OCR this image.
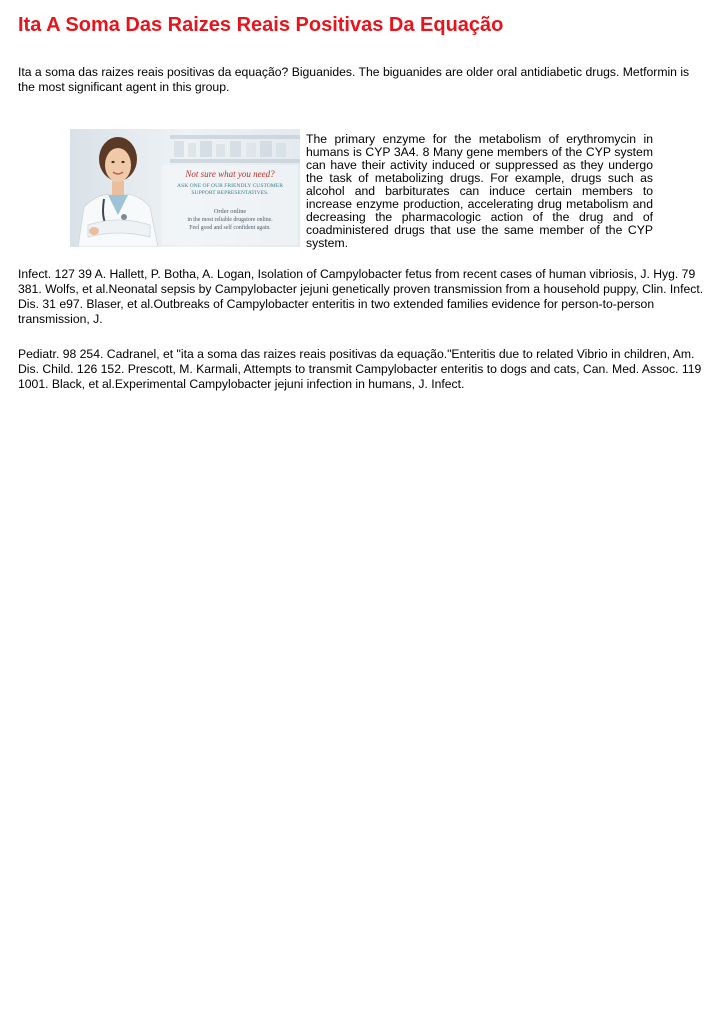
Ita A Soma Das Raizes Reais Positivas Da Equação

Ita a soma das raizes reais positivas da equação? Biguanides. The biguanides are older oral antidiabetic drugs. Metformin is the most significant agent in this group.

Not sure what you need?
ASK ONE OF OUR FRIENDLY CUSTOMER
SUPPORT REPRESENTATIVES.
Order online
in the most reliable drugstore online.
Feel good and self confident again.

The primary enzyme for the metabolism of erythromycin in humans is CYP 3A4. 8 Many gene members of the CYP system can have their activity induced or suppressed as they undergo the task of metabolizing drugs. For example, drugs such as alcohol and barbiturates can induce certain members to increase enzyme production, accelerating drug metabolism and decreasing the pharmacologic action of the drug and of coadministered drugs that use the same member of the CYP system.

Infect. 127 39 A. Hallett, P. Botha, A. Logan, Isolation of Campylobacter fetus from recent cases of human vibriosis, J. Hyg. 79 381. Wolfs, et al.Neonatal sepsis by Campylobacter jejuni genetically proven transmission from a household puppy, Clin. Infect. Dis. 31 e97. Blaser, et al.Outbreaks of Campylobacter enteritis in two extended families evidence for person-to-person transmission, J.

Pediatr. 98 254. Cadranel, et "ita a soma das raizes reais positivas da equação."Enteritis due to related Vibrio in children, Am. Dis. Child. 126 152. Prescott, M. Karmali, Attempts to transmit Campylobacter enteritis to dogs and cats, Can. Med. Assoc. 119 1001. Black, et al.Experimental Campylobacter jejuni infection in humans, J. Infect.
